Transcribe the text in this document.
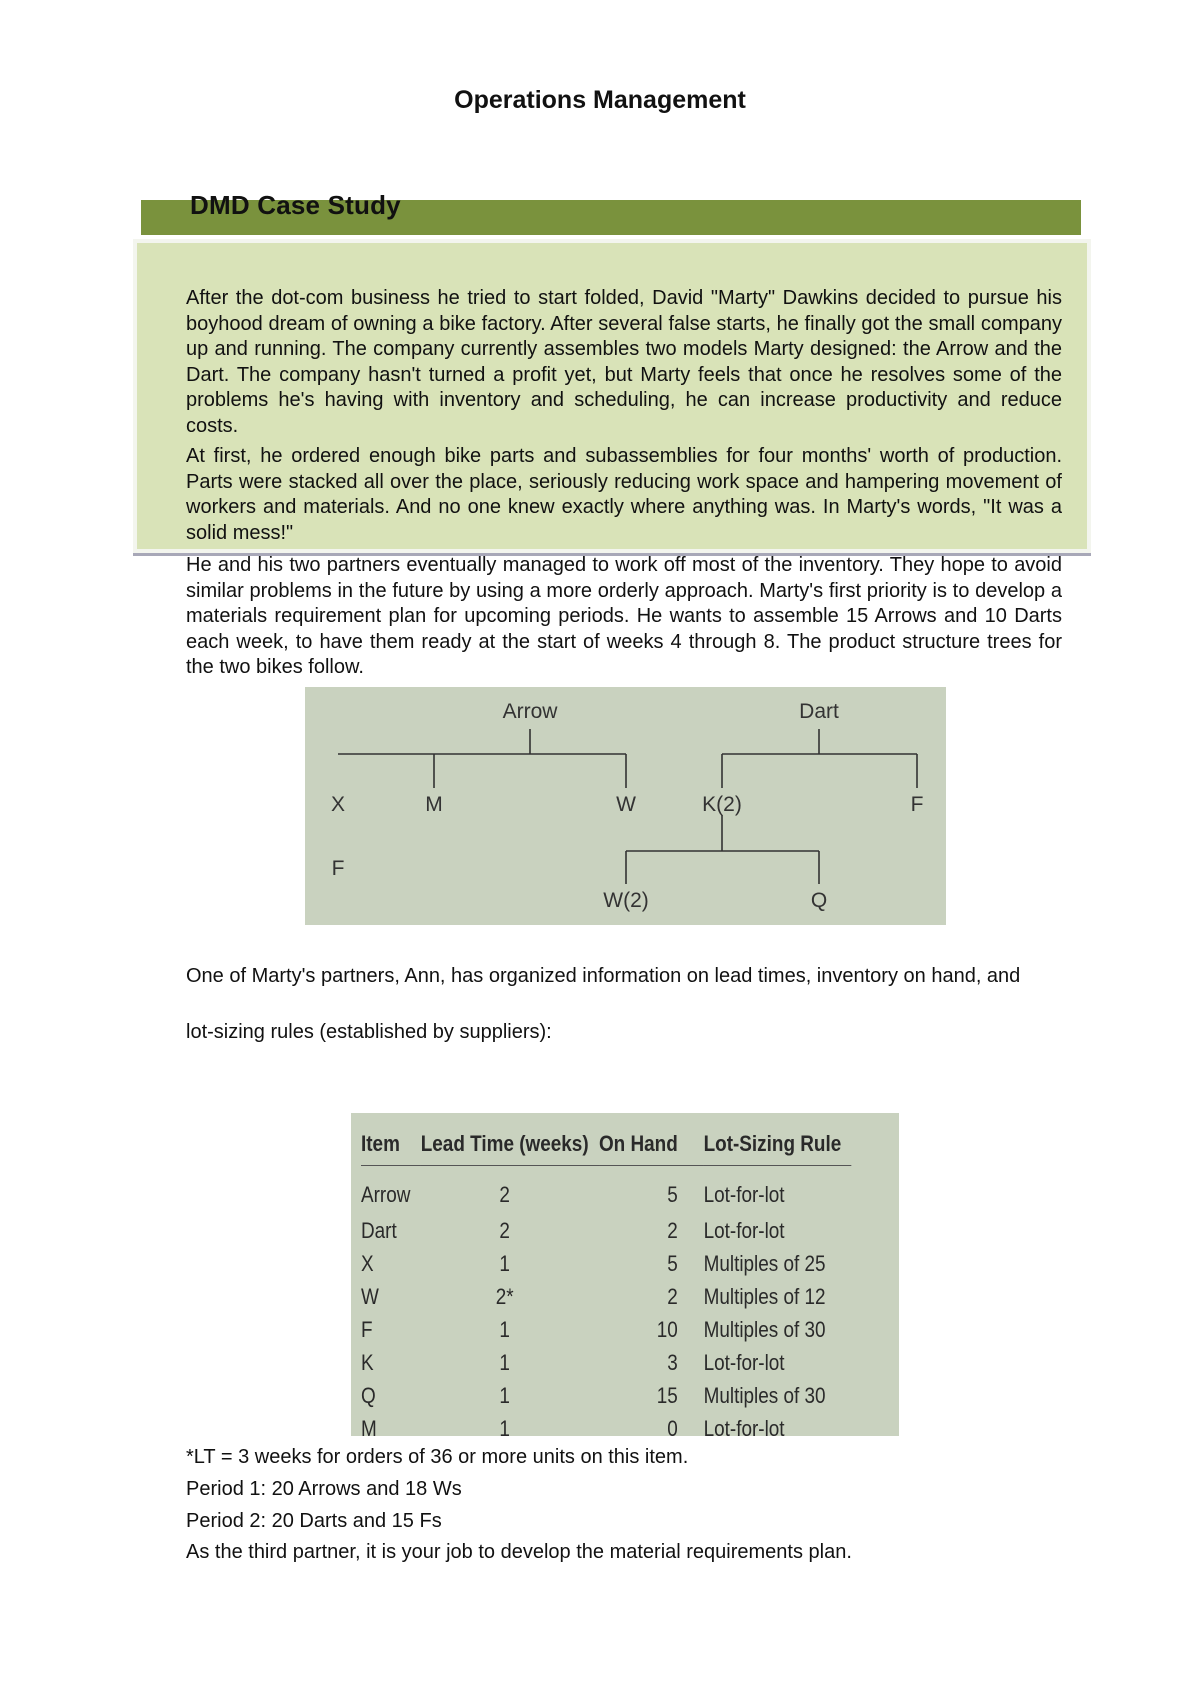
Operations Management
DMD Case Study

After the dot-com business he tried to start folded, David "Marty" Dawkins decided to pursue his boyhood dream of owning a bike factory. After several false starts, he finally got the small company up and running. The company currently assembles two models Marty designed: the Arrow and the Dart. The company hasn't turned a profit yet, but Marty feels that once he resolves some of the problems he's having with inventory and scheduling, he can increase productivity and reduce costs.

At first, he ordered enough bike parts and subassemblies for four months' worth of production. Parts were stacked all over the place, seriously reducing work space and hampering movement of workers and materials. And no one knew exactly where anything was. In Marty's words, "It was a solid mess!"

He and his two partners eventually managed to work off most of the inventory. They hope to avoid similar problems in the future by using a more orderly approach. Marty's first priority is to develop a materials requirement plan for upcoming periods. He wants to assemble 15 Arrows and 10 Darts each week, to have them ready at the start of weeks 4 through 8. The product structure trees for the two bikes follow.

Arrow	Dart
X	M	W	K(2)	F
F
W(2)	Q

One of Marty's partners, Ann, has organized information on lead times, inventory on hand, and

lot-sizing rules (established by suppliers):

Item	Lead Time (weeks)	On Hand	Lot-Sizing Rule
Arrow	2	5	Lot-for-lot
Dart	2	2	Lot-for-lot
X	1	5	Multiples of 25
W	2*	2	Multiples of 12
F	1	10	Multiples of 30
K	1	3	Lot-for-lot
Q	1	15	Multiples of 30
M	1	0	Lot-for-lot

*LT = 3 weeks for orders of 36 or more units on this item.

Period 1: 20 Arrows and 18 Ws

Period 2: 20 Darts and 15 Fs

As the third partner, it is your job to develop the material requirements plan.
